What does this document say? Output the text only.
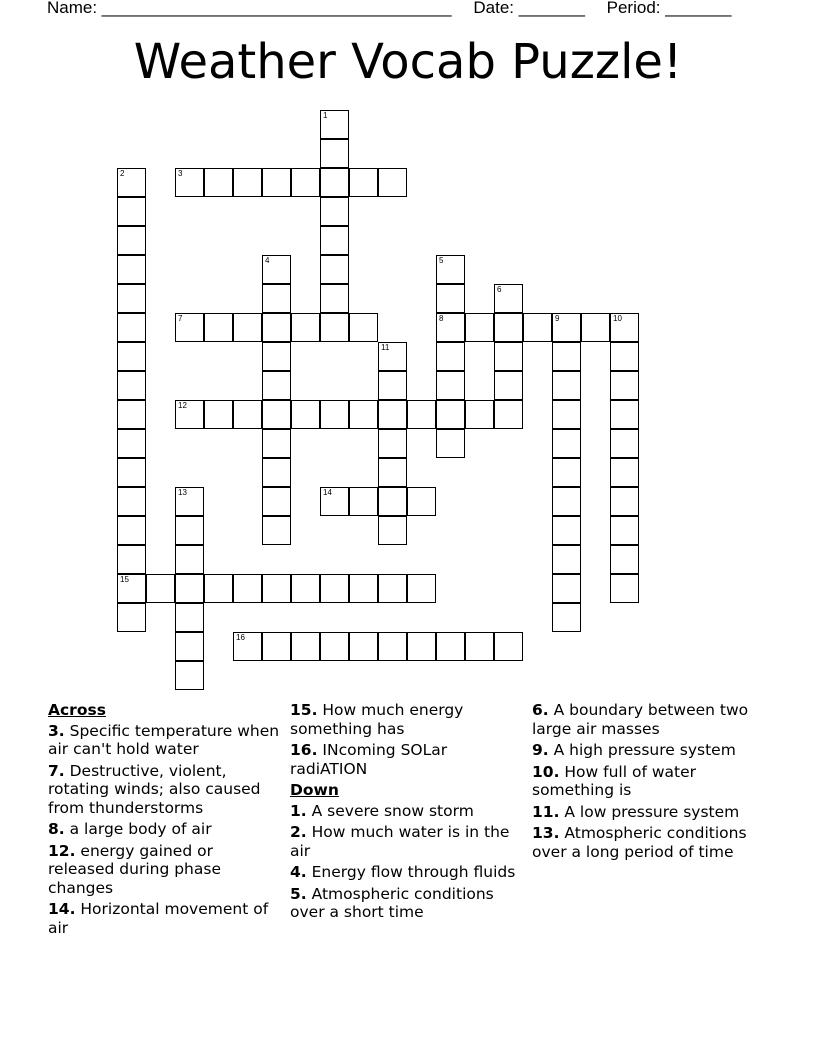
Name: _____________________________________ Date: _______ Period: _______
Weather Vocab Puzzle!
1
2
15
3
4	5
8
6
7	9	10
11
12
13	14
16
Across
3. Specific temperature when air can't hold water
7. Destructive, violent, rotating winds; also caused from thunderstorms
8. a large body of air
12. energy gained or released during phase changes
14. Horizontal movement of air
15. How much energy something has
16. INcoming SOLar radiATION
Down
1. A severe snow storm
2. How much water is in the air
4. Energy flow through fluids
5. Atmospheric conditions over a short time
6. A boundary between two large air masses
9. A high pressure system
10. How full of water something is
11. A low pressure system
13. Atmospheric conditions over a long period of time
